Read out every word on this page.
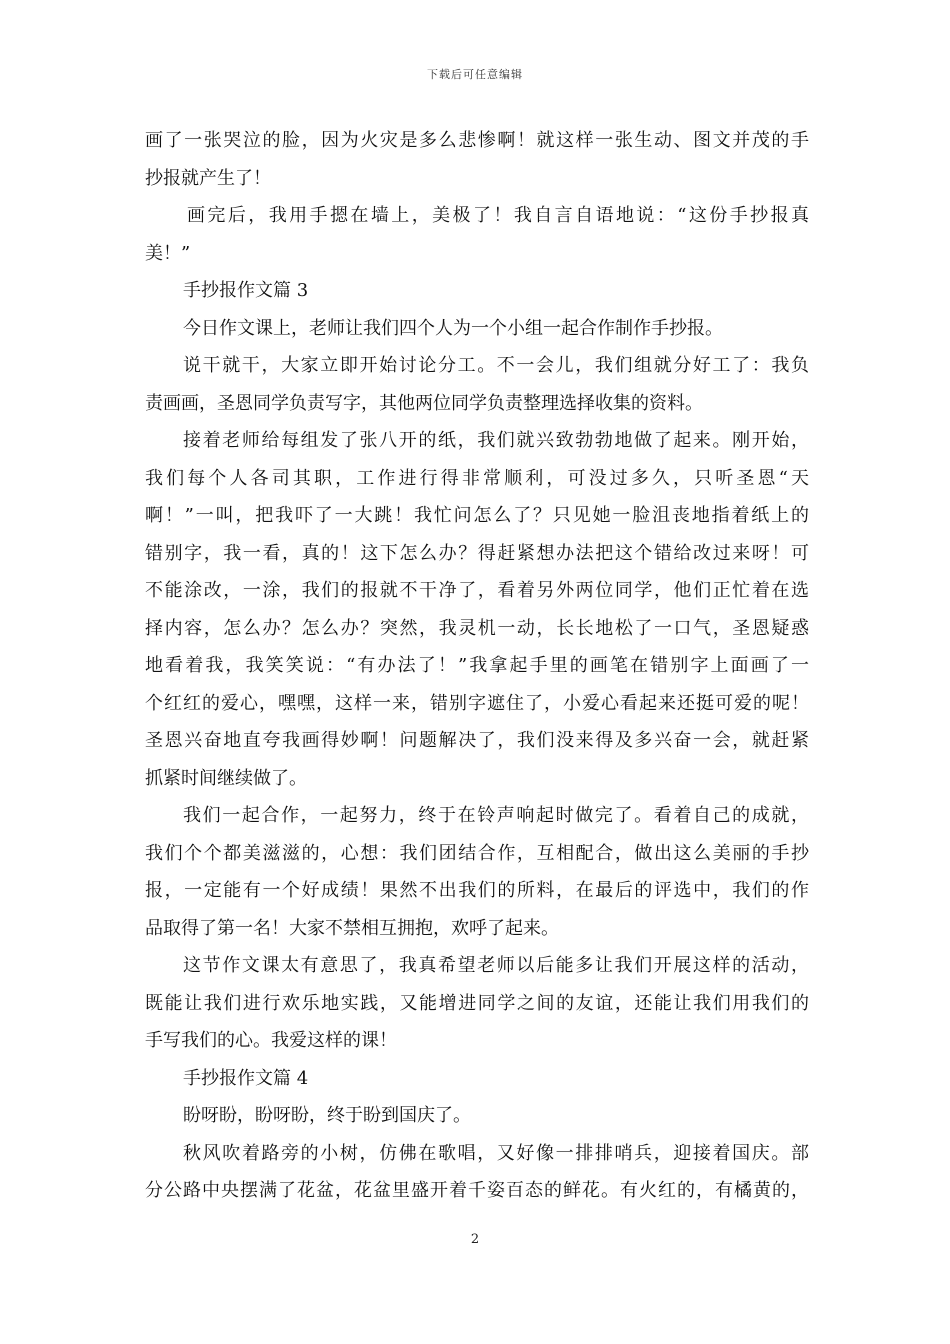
下载后可任意编辑
画了一张哭泣的脸，因为火灾是多么悲惨啊！就这样一张生动、图文并茂的手
抄报就产生了！
画完后，我用手摁在墙上，美极了！我自言自语地说：“这份手抄报真
美！”
手抄报作文篇 3
今日作文课上，老师让我们四个人为一个小组一起合作制作手抄报。
说干就干，大家立即开始讨论分工。不一会儿，我们组就分好工了：我负
责画画，圣恩同学负责写字，其他两位同学负责整理选择收集的资料。
接着老师给每组发了张八开的纸，我们就兴致勃勃地做了起来。刚开始，
我们每个人各司其职，工作进行得非常顺利，可没过多久，只听圣恩“天
啊！”一叫，把我吓了一大跳！我忙问怎么了？只见她一脸沮丧地指着纸上的
错别字，我一看，真的！这下怎么办？得赶紧想办法把这个错给改过来呀！可
不能涂改，一涂，我们的报就不干净了，看着另外两位同学，他们正忙着在选
择内容，怎么办？怎么办？突然，我灵机一动，长长地松了一口气，圣恩疑惑
地看着我，我笑笑说：“有办法了！”我拿起手里的画笔在错别字上面画了一
个红红的爱心，嘿嘿，这样一来，错别字遮住了，小爱心看起来还挺可爱的呢！
圣恩兴奋地直夸我画得妙啊！问题解决了，我们没来得及多兴奋一会，就赶紧
抓紧时间继续做了。
我们一起合作，一起努力，终于在铃声响起时做完了。看着自己的成就，
我们个个都美滋滋的，心想：我们团结合作，互相配合，做出这么美丽的手抄
报，一定能有一个好成绩！果然不出我们的所料，在最后的评选中，我们的作
品取得了第一名！大家不禁相互拥抱，欢呼了起来。
这节作文课太有意思了，我真希望老师以后能多让我们开展这样的活动，
既能让我们进行欢乐地实践，又能增进同学之间的友谊，还能让我们用我们的
手写我们的心。我爱这样的课！
手抄报作文篇 4
盼呀盼，盼呀盼，终于盼到国庆了。
秋风吹着路旁的小树，仿佛在歌唱，又好像一排排哨兵，迎接着国庆。部
分公路中央摆满了花盆，花盆里盛开着千姿百态的鲜花。有火红的，有橘黄的，
2
